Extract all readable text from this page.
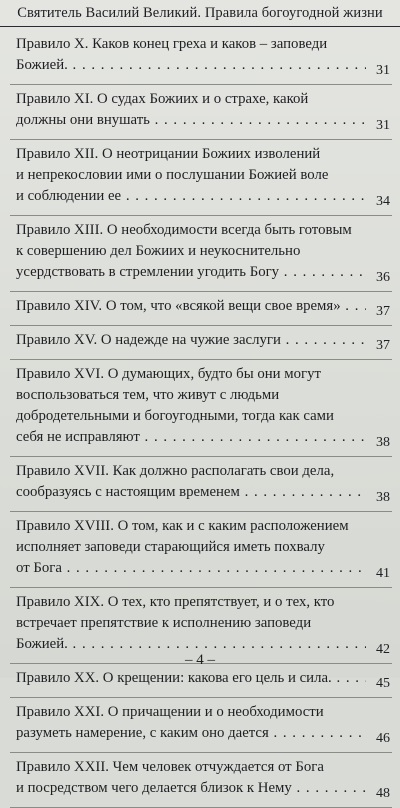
Святитель Василий Великий. Правила богоугодной жизни
Правило X. Каков конец греха и каков – заповеди
Божией. . . .	31
Правило XI. О судах Божиих и о страхе, какой
должны они внушать . . .	31
Правило XII. О неотрицании Божиих изволений
и непрекословии ими о послушании Божией воле
и соблюдении ее . . .	34
Правило XIII. О необходимости всегда быть готовым
к совершению дел Божиих и неукоснительно
усердствовать в стремлении угодить Богу . . .	36
Правило XIV. О том, что «всякой вещи свое время» . . .	37
Правило XV. О надежде на чужие заслуги . . .	37
Правило XVI. О думающих, будто бы они могут
воспользоваться тем, что живут с людьми
добродетельными и богоугодными, тогда как сами
себя не исправляют . . .	38
Правило XVII. Как должно располагать свои дела,
сообразуясь с настоящим временем . . .	38
Правило XVIII. О том, как и с каким расположением
исполняет заповеди старающийся иметь похвалу
от Бога . . .	41
Правило XIX. О тех, кто препятствует, и о тех, кто
встречает препятствие к исполнению заповеди
Божией. . . .	42
Правило XX. О крещении: какова его цель и сила. . . .	45
Правило XXI. О причащении и о необходимости
разуметь намерение, с каким оно дается . . .	46
Правило XXII. Чем человек отчуждается от Бога
и посредством чего делается близок к Нему . . .	48
– 4 –
